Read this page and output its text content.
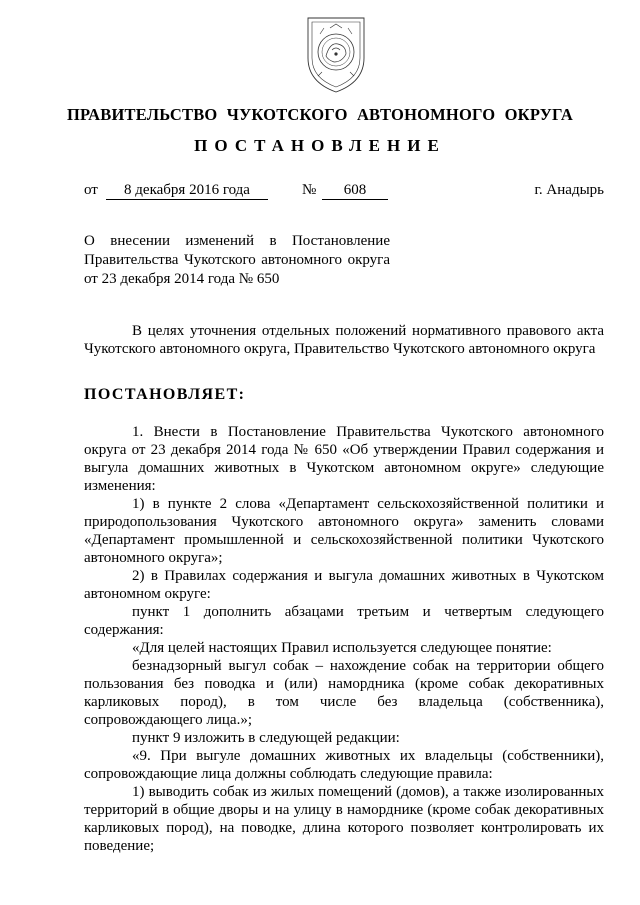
ПРАВИТЕЛЬСТВО ЧУКОТСКОГО АВТОНОМНОГО ОКРУГА
ПОСТАНОВЛЕНИЕ
от	8 декабря 2016 года	№	608	г. Анадырь
О внесении изменений в Постановление
Правительства Чукотского автономного округа
от 23 декабря 2014 года № 650

В целях уточнения отдельных положений нормативного правового акта Чукотского автономного округа, Правительство Чукотского автономного округа

ПОСТАНОВЛЯЕТ:

1. Внести в Постановление Правительства Чукотского автономного округа от 23 декабря 2014 года № 650 «Об утверждении Правил содержания и выгула домашних животных в Чукотском автономном округе» следующие изменения:

1) в пункте 2 слова «Департамент сельскохозяйственной политики и природопользования Чукотского автономного округа» заменить словами «Департамент промышленной и сельскохозяйственной политики Чукотского автономного округа»;

2) в Правилах содержания и выгула домашних животных в Чукотском автономном округе:

пункт 1 дополнить абзацами третьим и четвертым следующего содержания:

«Для целей настоящих Правил используется следующее понятие:

безнадзорный выгул собак – нахождение собак на территории общего пользования без поводка и (или) намордника (кроме собак декоративных карликовых пород), в том числе без владельца (собственника), сопровождающего лица.»;

пункт 9 изложить в следующей редакции:

«9. При выгуле домашних животных их владельцы (собственники), сопровождающие лица должны соблюдать следующие правила:

1) выводить собак из жилых помещений (домов), а также изолированных территорий в общие дворы и на улицу в наморднике (кроме собак декоративных карликовых пород), на поводке, длина которого позволяет контролировать их поведение;
